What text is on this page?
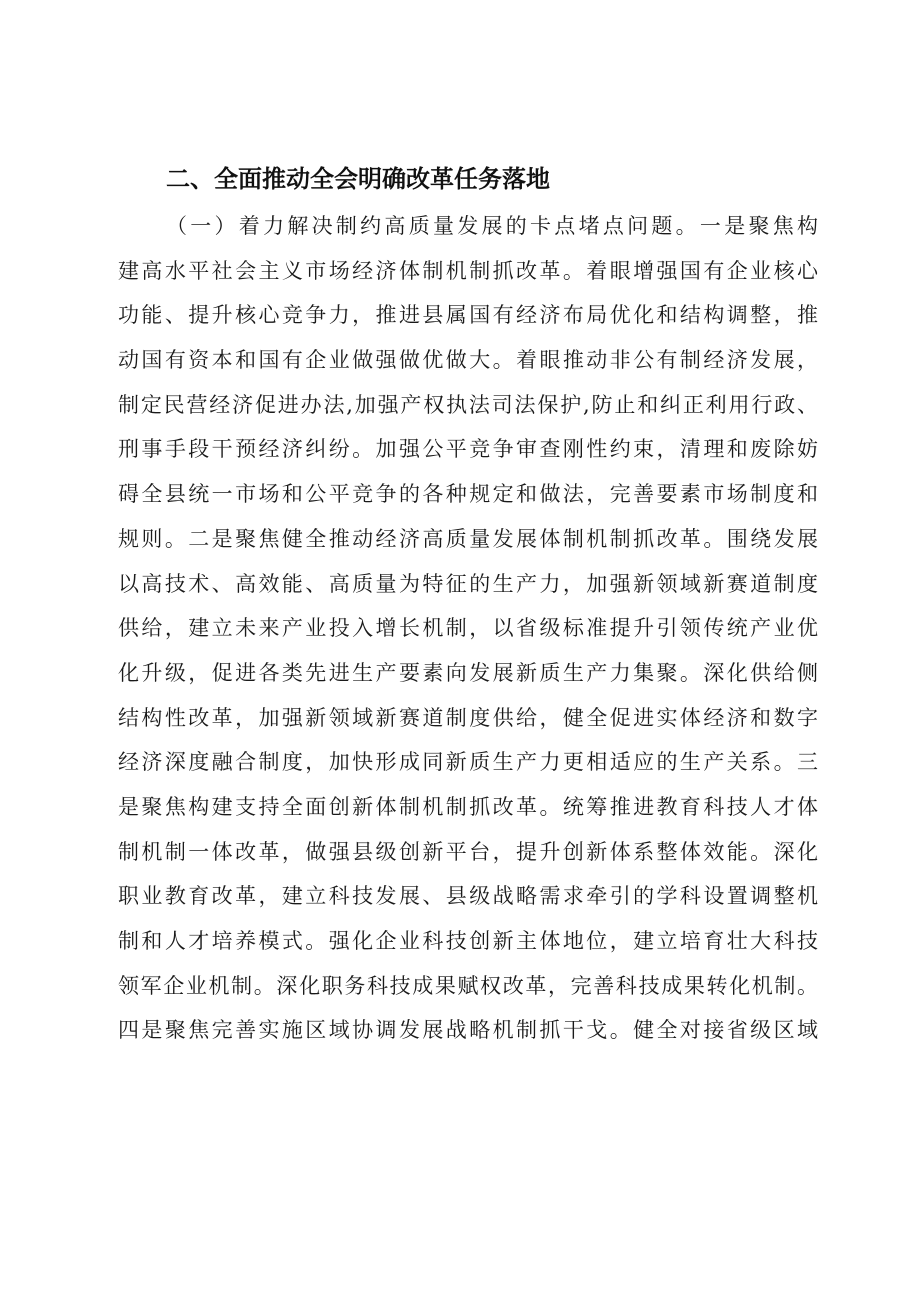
二、全面推动全会明确改革任务落地
（一）着力解决制约高质量发展的卡点堵点问题。一是聚焦构
建高水平社会主义市场经济体制机制抓改革。着眼增强国有企业核心
功能、提升核心竞争力，推进县属国有经济布局优化和结构调整，推
动国有资本和国有企业做强做优做大。着眼推动非公有制经济发展，
制定民营经济促进办法,加强产权执法司法保护,防止和纠正利用行政、
刑事手段干预经济纠纷。加强公平竞争审查刚性约束，清理和废除妨
碍全县统一市场和公平竞争的各种规定和做法，完善要素市场制度和
规则。二是聚焦健全推动经济高质量发展体制机制抓改革。围绕发展
以高技术、高效能、高质量为特征的生产力，加强新领域新赛道制度
供给，建立未来产业投入增长机制，以省级标准提升引领传统产业优
化升级，促进各类先进生产要素向发展新质生产力集聚。深化供给侧
结构性改革，加强新领域新赛道制度供给，健全促进实体经济和数字
经济深度融合制度，加快形成同新质生产力更相适应的生产关系。三
是聚焦构建支持全面创新体制机制抓改革。统筹推进教育科技人才体
制机制一体改革，做强县级创新平台，提升创新体系整体效能。深化
职业教育改革，建立科技发展、县级战略需求牵引的学科设置调整机
制和人才培养模式。强化企业科技创新主体地位，建立培育壮大科技
领军企业机制。深化职务科技成果赋权改革，完善科技成果转化机制。
四是聚焦完善实施区域协调发展战略机制抓干戈。健全对接省级区域
